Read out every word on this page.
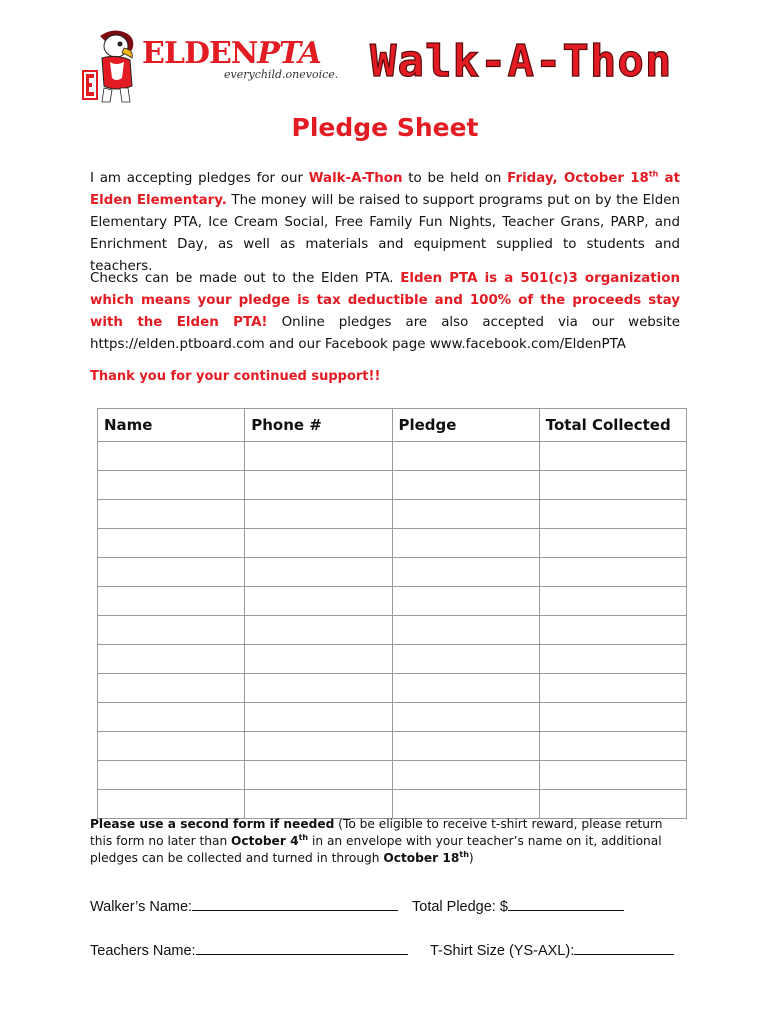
ELDENPTA
everychild.onevoice. Walk-A-Thon
Pledge Sheet
I am accepting pledges for our Walk-A-Thon to be held on Friday, October 18th at Elden Elementary. The money will be raised to support programs put on by the Elden Elementary PTA, Ice Cream Social, Free Family Fun Nights, Teacher Grans, PARP, and Enrichment Day, as well as materials and equipment supplied to students and teachers.
Checks can be made out to the Elden PTA. Elden PTA is a 501(c)3 organization which means your pledge is tax deductible and 100% of the proceeds stay with the Elden PTA! Online pledges are also accepted via our website https://elden.ptboard.com and our Facebook page www.facebook.com/EldenPTA
Thank you for your continued support!!
Name	Phone #	Pledge	Total Collected

Please use a second form if needed (To be eligible to receive t-shirt reward, please return this form no later than October 4th in an envelope with your teacher’s name on it, additional pledges can be collected and turned in through October 18th)
Walker’s Name:	Total Pledge: $
Teachers Name:	T-Shirt Size (YS-AXL):
